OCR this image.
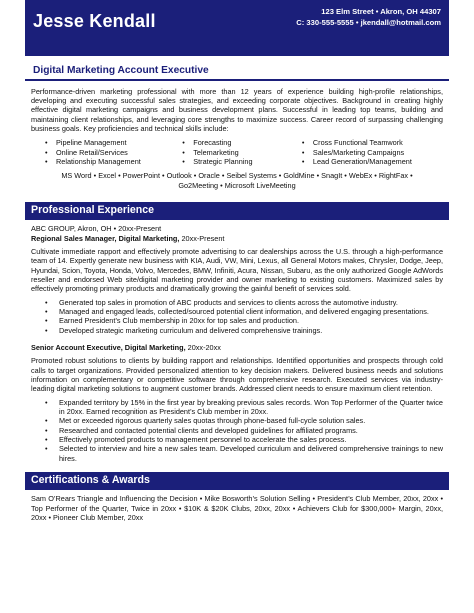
Jesse Kendall	123 Elm Street • Akron, OH 44307
C: 330-555-5555 • jkendall@hotmail.com
Digital Marketing Account Executive

Performance-driven marketing professional with more than 12 years of experience building high-profile relationships, developing and executing successful sales strategies, and exceeding corporate objectives. Background in creating highly effective digital marketing campaigns and business development plans. Successful in leading top teams, building and maintaining client relationships, and leveraging core strengths to maximize success. Career record of surpassing challenging business goals. Key proficiencies and technical skills include:

• Pipeline Management
• Online Retail/Services
• Relationship Management
• Forecasting
• Telemarketing
• Strategic Planning
• Cross Functional Teamwork
• Sales/Marketing Campaigns
• Lead Generation/Management
MS Word • Excel • PowerPoint • Outlook • Oracle • Seibel Systems • GoldMine • SnagIt • WebEx • RightFax •
Go2Meeting • Microsoft LiveMeeting
Professional Experience
ABC GROUP, Akron, OH • 20xx-Present
Regional Sales Manager, Digital Marketing, 20xx-Present

Cultivate immediate rapport and effectively promote advertising to car dealerships across the U.S. through a high-performance team of 14. Expertly generate new business with KIA, Audi, VW, Mini, Lexus, all General Motors makes, Chrysler, Dodge, Jeep, Hyundai, Scion, Toyota, Honda, Volvo, Mercedes, BMW, Infiniti, Acura, Nissan, Subaru, as the only authorized Google AdWords reseller and endorsed Web site/digital marketing provider and owner marketing to existing customers. Maximized sales by effectively promoting primary products and dramatically growing the gainful benefit of services sold.

• Generated top sales in promotion of ABC products and services to clients across the automotive industry.
• Managed and engaged leads, collected/sourced potential client information, and delivered engaging presentations.
• Earned President’s Club membership in 20xx for top sales and production.
• Developed strategic marketing curriculum and delivered comprehensive trainings.
Senior Account Executive, Digital Marketing, 20xx-20xx

Promoted robust solutions to clients by building rapport and relationships. Identified opportunities and prospects through cold calls to target organizations. Provided personalized attention to key decision makers. Delivered business needs and solutions information on complementary or competitive software through comprehensive research. Executed services via industry-leading digital marketing solutions to augment customer brands. Addressed client needs to ensure maximum client retention.

• Expanded territory by 15% in the first year by breaking previous sales records. Won Top Performer of the Quarter twice in 20xx. Earned recognition as President’s Club member in 20xx.
• Met or exceeded rigorous quarterly sales quotas through phone-based full-cycle solution sales.
• Researched and contacted potential clients and developed guidelines for affiliated programs.
• Effectively promoted products to management personnel to accelerate the sales process.
• Selected to interview and hire a new sales team. Developed curriculum and delivered comprehensive trainings to new hires.
Certifications & Awards

Sam O’Rears Triangle and Influencing the Decision • Mike Bosworth’s Solution Selling • President’s Club Member, 20xx, 20xx • Top Performer of the Quarter, Twice in 20xx • $10K & $20K Clubs, 20xx, 20xx • Achievers Club for $300,000+ Margin, 20xx, 20xx • Pioneer Club Member, 20xx
